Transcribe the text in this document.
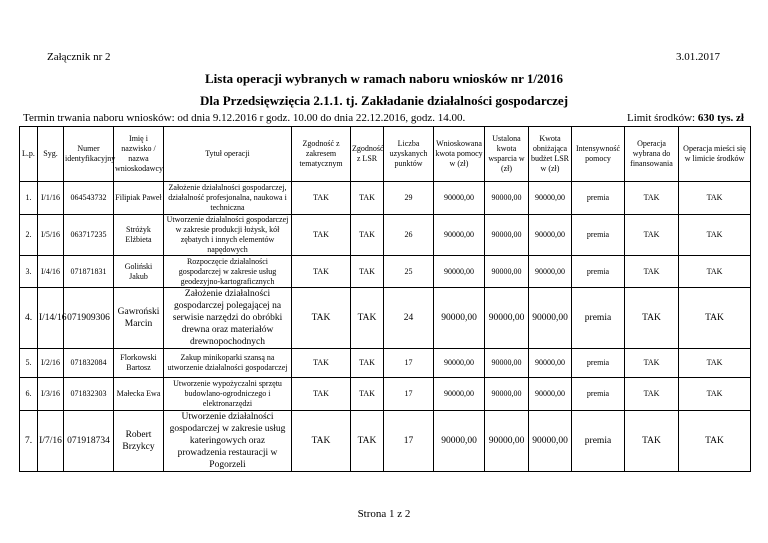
Załącznik nr 2	3.01.2017
Lista operacji wybranych w ramach naboru wniosków nr 1/2016
Dla Przedsięwzięcia 2.1.1. tj. Zakładanie działalności gospodarczej
Termin trwania naboru wniosków: od dnia 9.12.2016 r godz. 10.00 do dnia 22.12.2016, godz. 14.00.	Limit środków: 630 tys. zł
L.p.	Syg.	Numer identyfikacyjny	Imię i nazwisko / nazwa wnioskodawcy	Tytuł operacji	Zgodność z zakresem tematycznym	Zgodność z LSR	Liczba uzyskanych punktów	Wnioskowana kwota pomocy w (zł)	Ustalona kwota wsparcia w (zł)	Kwota obniżająca budżet LSR w (zł)	Intensywność pomocy	Operacja wybrana do finansowania	Operacja mieści się w limicie środków
1.	I/1/16	064543732	Filipiak Paweł	Założenie działalności gospodarczej, działalność profesjonalna, naukowa i techniczna	TAK	TAK	29	90000,00	90000,00	90000,00	premia	TAK	TAK
2.	I/5/16	063717235	Stróżyk Elżbieta	Utworzenie działalności gospodarczej w zakresie produkcji łożysk, kół zębatych i innych elementów napędowych	TAK	TAK	26	90000,00	90000,00	90000,00	premia	TAK	TAK
3.	I/4/16	071871831	Goliński Jakub	Rozpoczęcie działalności gospodarczej w zakresie usług geodezyjno-kartograficznych	TAK	TAK	25	90000,00	90000,00	90000,00	premia	TAK	TAK
4.	I/14/16	071909306	Gawroński Marcin	Założenie działalności gospodarczej polegającej na serwisie narzędzi do obróbki drewna oraz materiałów drewnopochodnych	TAK	TAK	24	90000,00	90000,00	90000,00	premia	TAK	TAK
5.	I/2/16	071832084	Florkowski Bartosz	Zakup minikoparki szansą na utworzenie działalności gospodarczej	TAK	TAK	17	90000,00	90000,00	90000,00	premia	TAK	TAK
6.	I/3/16	071832303	Małecka Ewa	Utworzenie wypożyczalni sprzętu budowlano-ogrodniczego i elektronarzędzi	TAK	TAK	17	90000,00	90000,00	90000,00	premia	TAK	TAK
7.	I/7/16	071918734	Robert Brzykcy	Utworzenie działalności gospodarczej w zakresie usług kateringowych oraz prowadzenia restauracji w Pogorzeli	TAK	TAK	17	90000,00	90000,00	90000,00	premia	TAK	TAK
Strona 1 z 2
